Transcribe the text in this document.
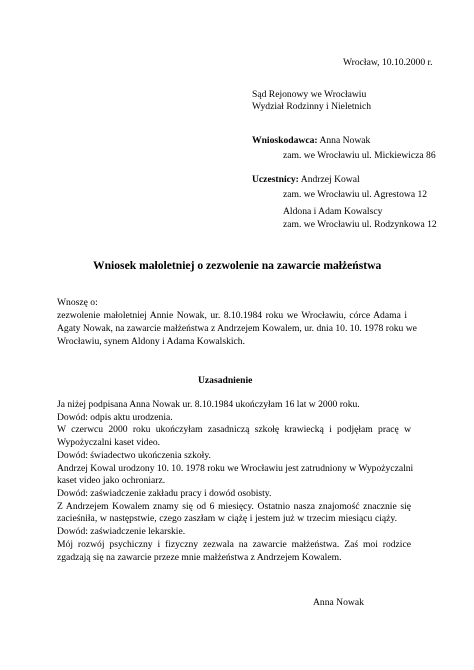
Wrocław, 10.10.2000 r.
Sąd Rejonowy we Wrocławiu
Wydział Rodzinny i Nieletnich
Wnioskodawca: Anna Nowak
zam. we Wrocławiu ul. Mickiewicza 86
Uczestnicy: Andrzej Kowal
zam. we Wrocławiu ul. Agrestowa 12
Aldona i Adam Kowalscy
zam. we Wrocławiu ul. Rodzynkowa 12
Wniosek małoletniej o zezwolenie na zawarcie małżeństwa
Wnoszę o:
zezwolenie małoletniej Annie Nowak, ur. 8.10.1984 roku we Wrocławiu, córce Adama i
Agaty Nowak, na zawarcie małżeństwa z Andrzejem Kowalem, ur. dnia 10. 10. 1978 roku we
Wrocławiu, synem Aldony i Adama Kowalskich.
Uzasadnienie
Ja niżej podpisana Anna Nowak ur. 8.10.1984 ukończyłam 16 lat w 2000 roku.
Dowód: odpis aktu urodzenia.
W czerwcu 2000 roku ukończyłam zasadniczą szkołę krawiecką i podjęłam pracę w
Wypożyczalni kaset video.
Dowód: świadectwo ukończenia szkoły.
Andrzej Kowal urodzony 10. 10. 1978 roku we Wrocławiu jest zatrudniony w Wypożyczalni
kaset video jako ochroniarz.
Dowód: zaświadczenie zakładu pracy i dowód osobisty.
Z Andrzejem Kowalem znamy się od 6 miesięcy. Ostatnio nasza znajomość znacznie się
zacieśniła, w następstwie, czego zaszłam w ciążę i jestem już w trzecim miesiącu ciąży.
Dowód: zaświadczenie lekarskie.
Mój rozwój psychiczny i fizyczny zezwala na zawarcie małżeństwa. Zaś moi rodzice
zgadzają się na zawarcie przeze mnie małżeństwa z Andrzejem Kowalem.
Anna Nowak
